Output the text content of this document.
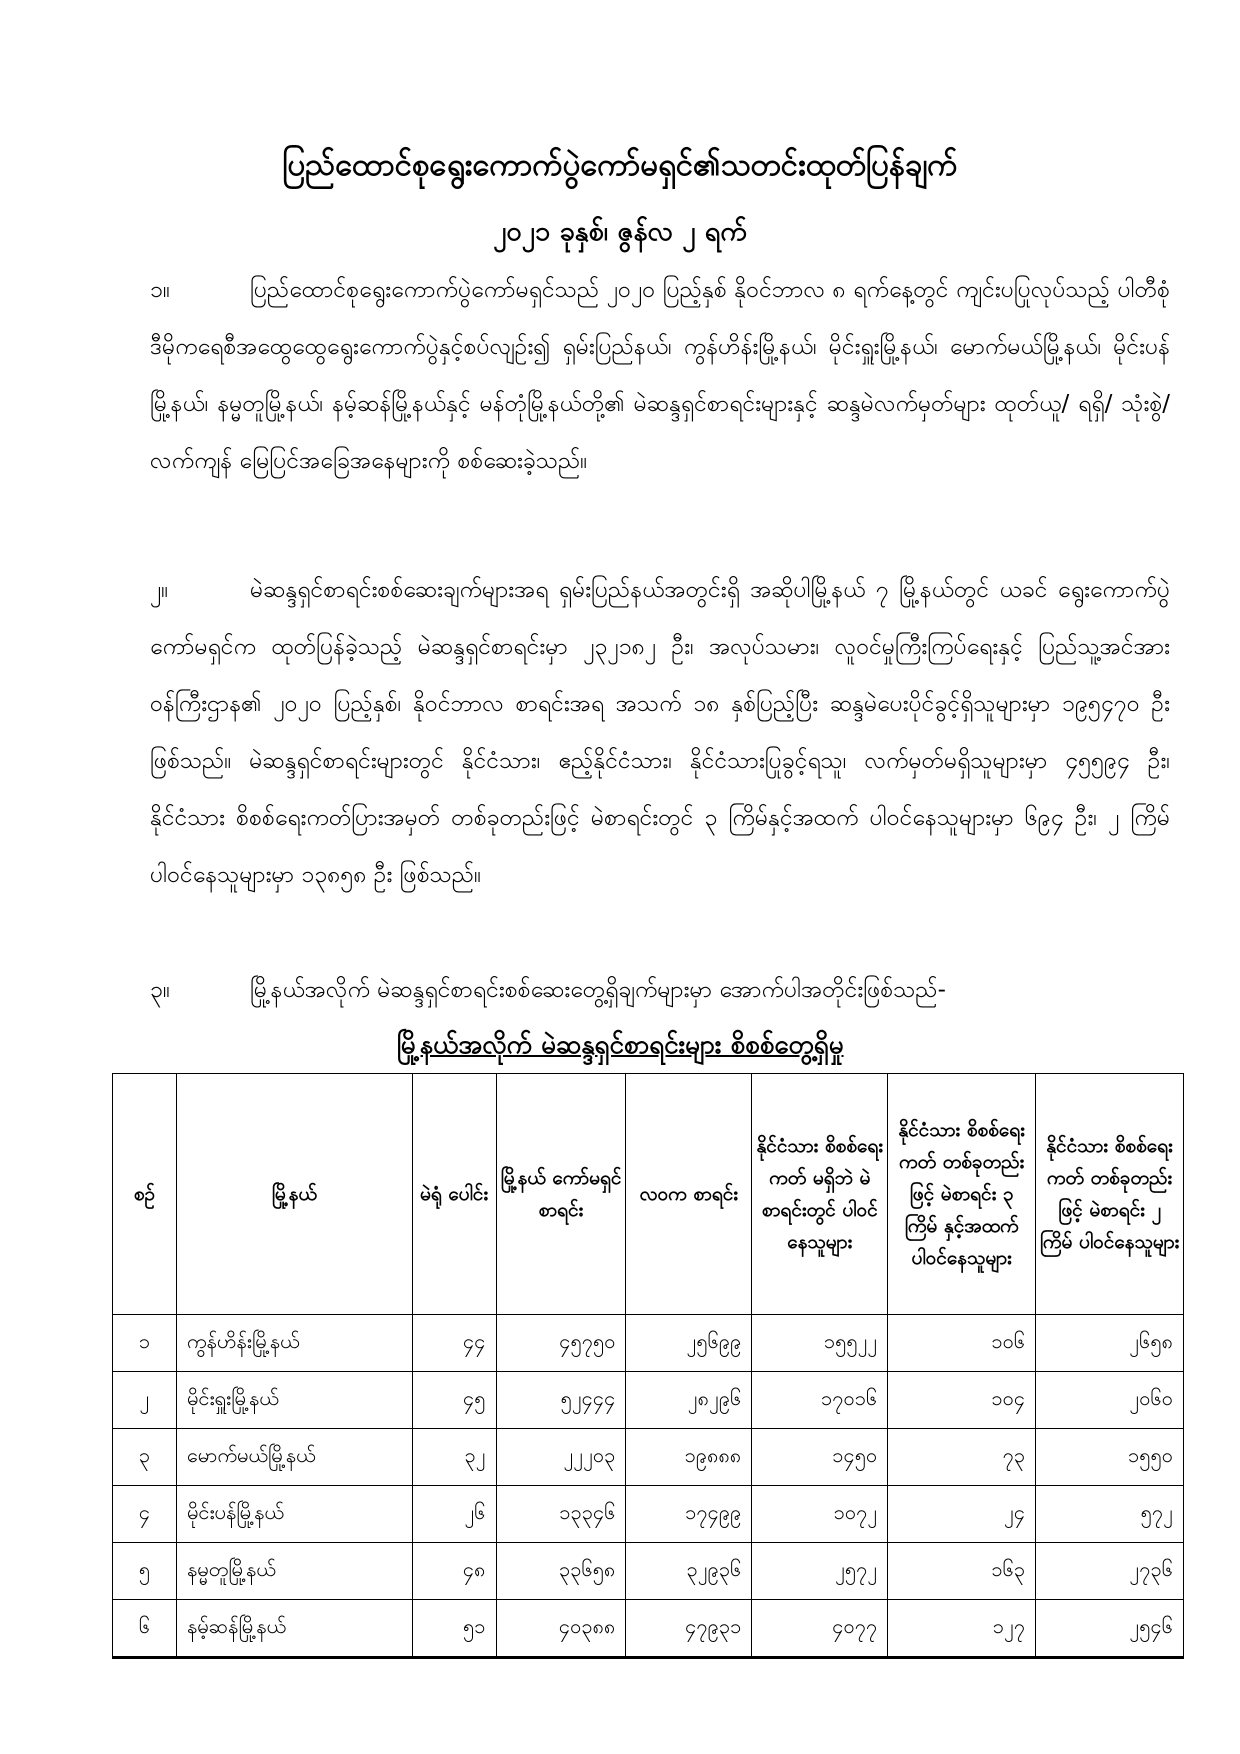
ပြည်ထောင်စုရွေးကောက်ပွဲကော်မရှင်၏သတင်းထုတ်ပြန်ချက်
၂၀၂၁ ခုနှစ်၊ ဇွန်လ ၂ ရက်
၁။	ပြည်ထောင်စုရွေးကောက်ပွဲကော်မရှင်သည် ၂၀၂၀ ပြည့်နှစ် နိုဝင်ဘာလ ၈ ရက်နေ့တွင် ကျင်းပပြုလုပ်သည့် ပါတီစုံဒီမိုကရေစီအထွေထွေရွေးကောက်ပွဲနှင့်စပ်လျဉ်း၍ ရှမ်းပြည်နယ်၊ ကွန်ဟိန်းမြို့နယ်၊ မိုင်းရှူးမြို့နယ်၊ မောက်မယ်မြို့နယ်၊ မိုင်းပန်မြို့နယ်၊ နမ္မတူမြို့နယ်၊ နမ့်ဆန်မြို့နယ်နှင့် မန်တုံမြို့နယ်တို့၏ မဲဆန္ဒရှင်စာရင်းများနှင့် ဆန္ဒမဲလက်မှတ်များ ထုတ်ယူ/ ရရှိ/ သုံးစွဲ/ လက်ကျန် မြေပြင်အခြေအနေများကို စစ်ဆေးခဲ့သည်။
၂။	မဲဆန္ဒရှင်စာရင်းစစ်ဆေးချက်များအရ ရှမ်းပြည်နယ်အတွင်းရှိ အဆိုပါမြို့နယ် ၇ မြို့နယ်တွင် ယခင် ရွေးကောက်ပွဲကော်မရှင်က ထုတ်ပြန်ခဲ့သည့် မဲဆန္ဒရှင်စာရင်းမှာ ၂၃၂၁၈၂ ဦး၊ အလုပ်သမား၊ လူဝင်မှုကြီးကြပ်ရေးနှင့် ပြည်သူ့အင်အားဝန်ကြီးဌာန၏ ၂၀၂၀ ပြည့်နှစ်၊ နိုဝင်ဘာလ စာရင်းအရ အသက် ၁၈ နှစ်ပြည့်ပြီး ဆန္ဒမဲပေးပိုင်ခွင့်ရှိသူများမှာ ၁၉၅၄၇၀ ဦး ဖြစ်သည်။ မဲဆန္ဒရှင်စာရင်းများတွင် နိုင်ငံသား၊ ဧည့်နိုင်ငံသား၊ နိုင်ငံသားပြုခွင့်ရသူ၊ လက်မှတ်မရှိသူများမှာ ၄၅၅၉၄ ဦး၊ နိုင်ငံသား စိစစ်ရေးကတ်ပြားအမှတ် တစ်ခုတည်းဖြင့် မဲစာရင်းတွင် ၃ ကြိမ်နှင့်အထက် ပါဝင်နေသူများမှာ ၆၉၄ ဦး၊ ၂ ကြိမ် ပါဝင်နေသူများမှာ ၁၃၈၅၈ ဦး ဖြစ်သည်။
၃။	မြို့နယ်အလိုက် မဲဆန္ဒရှင်စာရင်းစစ်ဆေးတွေ့ရှိချက်များမှာ အောက်ပါအတိုင်းဖြစ်သည်-
မြို့နယ်အလိုက် မဲဆန္ဒရှင်စာရင်းများ စိစစ်တွေ့ရှိမှု
စဉ်	မြို့နယ်	မဲရုံ ပေါင်း	မြို့နယ် ကော်မရှင် စာရင်း	လဝက စာရင်း	နိုင်ငံသား စိစစ်ရေးကတ် မရှိဘဲ မဲစာရင်းတွင် ပါဝင်နေသူများ	နိုင်ငံသား စိစစ်ရေးကတ် တစ်ခုတည်းဖြင့် မဲစာရင်း ၃ ကြိမ် နှင့်အထက် ပါဝင်နေသူများ	နိုင်ငံသား စိစစ်ရေးကတ် တစ်ခုတည်းဖြင့် မဲစာရင်း ၂ ကြိမ် ပါဝင်နေသူများ
၁	ကွန်ဟိန်းမြို့နယ်	၄၄	၄၅၇၅၀	၂၅၆၉၉	၁၅၅၂၂	၁၀၆	၂၆၅၈
၂	မိုင်းရှူးမြို့နယ်	၄၅	၅၂၄၄၄	၂၈၂၉၆	၁၇၀၁၆	၁၀၄	၂၀၆၀
၃	မောက်မယ်မြို့နယ်	၃၂	၂၂၂၀၃	၁၉၈၈၈	၁၄၅၀	၇၃	၁၅၅၀
၄	မိုင်းပန်မြို့နယ်	၂၆	၁၃၃၄၆	၁၇၄၉၉	၁၀၇၂	၂၄	၅၇၂
၅	နမ္မတူမြို့နယ်	၄၈	၃၃၆၅၈	၃၂၉၃၆	၂၅၇၂	၁၆၃	၂၇၃၆
၆	နမ့်ဆန်မြို့နယ်	၅၁	၄၀၃၈၈	၄၇၉၃၁	၄၀၇၇	၁၂၇	၂၅၄၆
